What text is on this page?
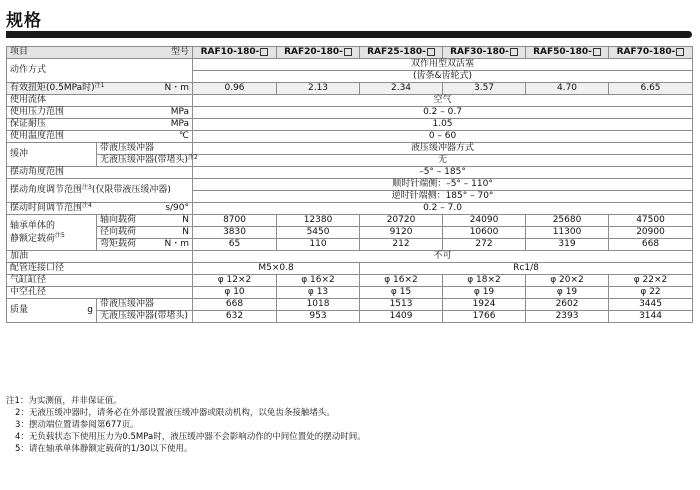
规格
项目		型号	RAF10-180-	RAF20-180-	RAF25-180-	RAF30-180-	RAF50-180-	RAF70-180-
动作方式			双作用型双活塞					
			(齿条&齿轮式)					
有效扭矩(0.5MPa时)$^{注1}$		N・m	0.96	2.13	2.34	3.57	4.70	6.65
使用流体			空气					
使用压力范围		MPa	0.2 – 0.7					
保证耐压		MPa	1.05					
使用温度范围		℃	0 – 60					
缓冲	带液压缓冲器		液压缓冲器方式					
	无液压缓冲器(带堵头)$^{注2}$		无					
摆动角度范围			–5° – 185°					
摆动角度调节范围$^{注3}$(仅限带液压缓冲器)			顺时针端侧：–5° – 110°					
			逆时针端侧：185° – 70°					
摆动时间调节范围$^{注4}$		s/90°	0.2 – 7.0					
轴承单体的
静额定载荷$^{注5}$	轴向载荷	N	8700	12380	20720	24090	25680	47500
	径向载荷	N	3830	5450	9120	10600	11300	20900
	弯矩载荷	N・m	65	110	212	272	319	668
加油			不可					
配管连接口径			M5×0.8		Rc1/8			
气缸缸径			φ 12×2	φ 16×2	φ 16×2	φ 18×2	φ 20×2	φ 22×2
中空孔径			φ 10	φ 13	φ 15	φ 19	φ 19	φ 22

质量 g	带液压缓冲器		668	1018	1513	1924	2602	3445
	无液压缓冲器(带堵头)		632	953	1409	1766	2393	3144
注1：为实测值，并非保证值。
2：无液压缓冲器时，请务必在外部设置液压缓冲器或限动机构，以免齿条接触堵头。
3：摆动端位置请参阅第677页。
4：无负载状态下使用压力为0.5MPa时，液压缓冲器不会影响动作的中间位置处的摆动时间。
5：请在轴承单体静额定载荷的1/30以下使用。
